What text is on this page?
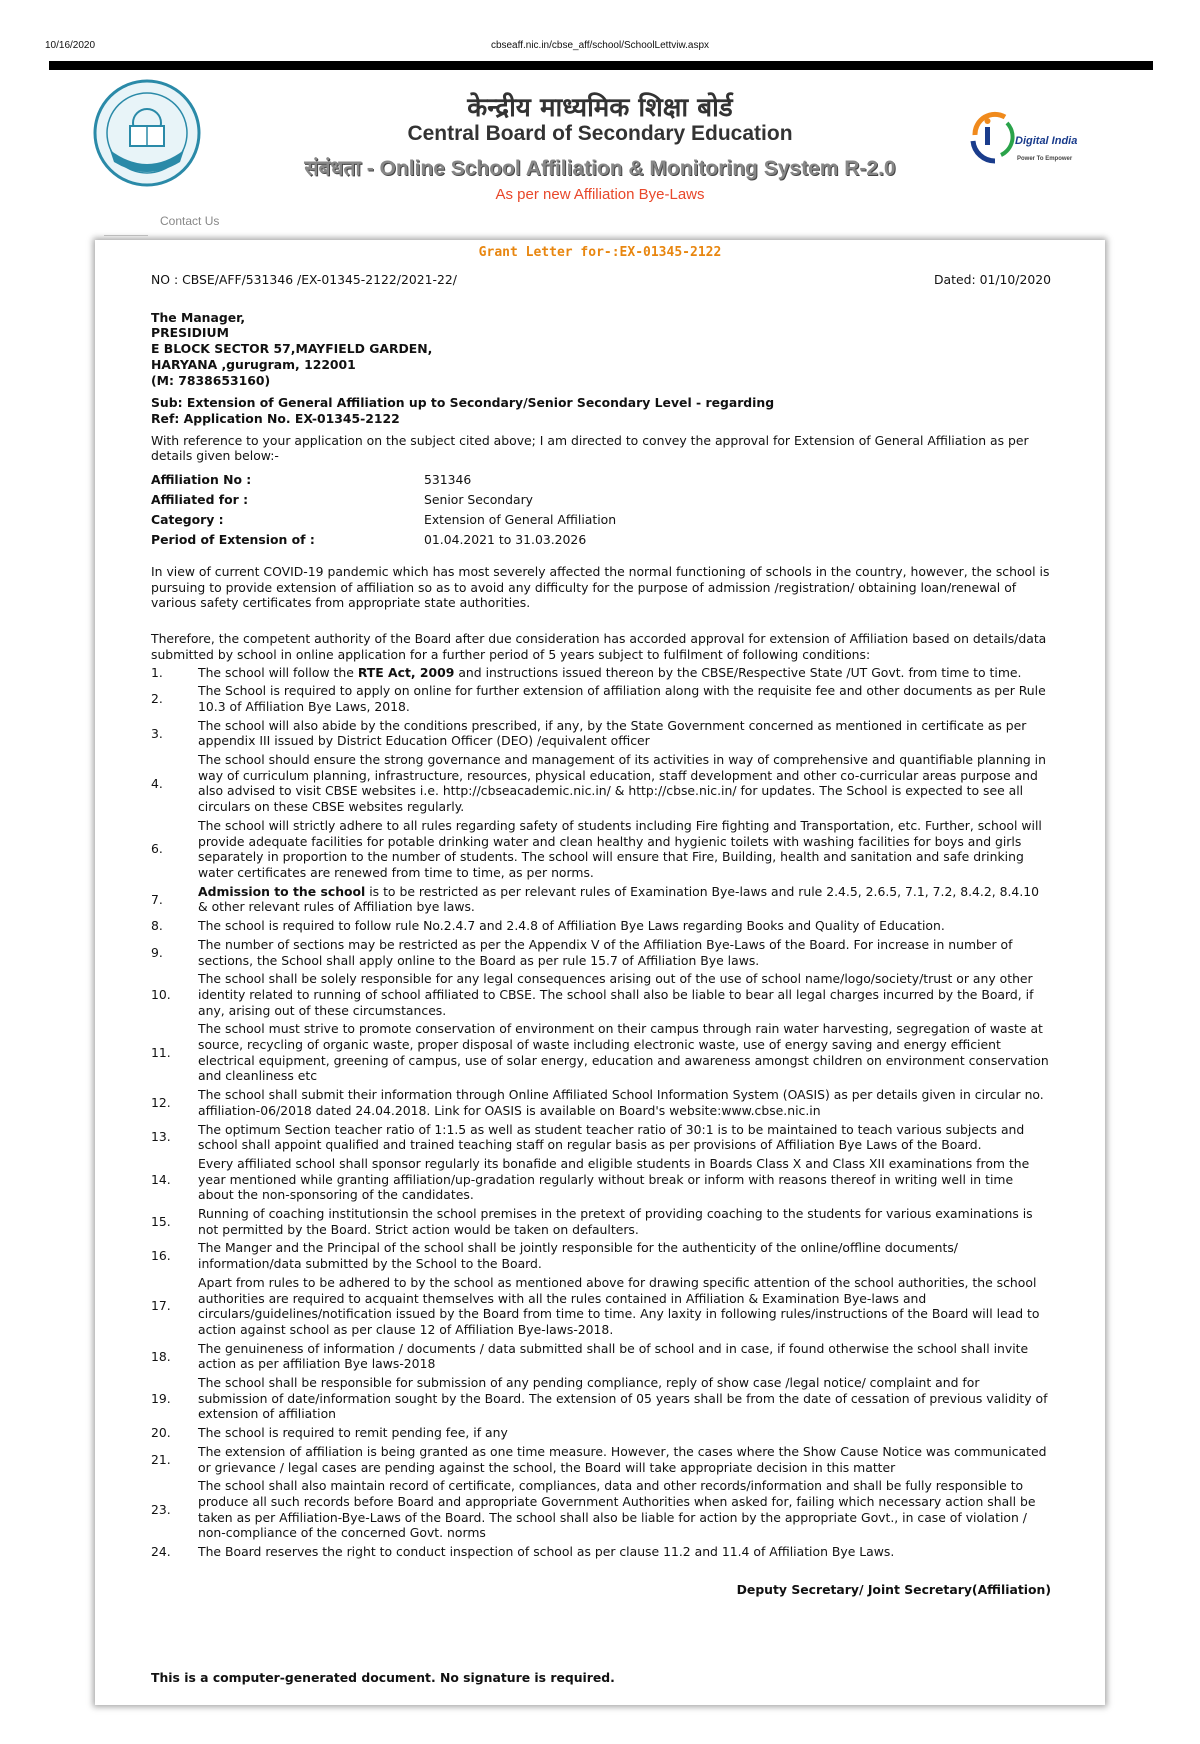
10/16/2020	cbseaff.nic.in/cbse_aff/school/SchoolLettviw.aspx
Digital India
Power To Empower
केन्द्रीय माध्यमिक शिक्षा बोर्ड
Central Board of Secondary Education
संबंधता - Online School Affiliation & Monitoring System R-2.0
As per new Affiliation Bye-Laws
Contact Us
Grant Letter for-:EX-01345-2122
NO : CBSE/AFF/531346 /EX-01345-2122/2021-22/	Dated: 01/10/2020
The Manager,
PRESIDIUM
E BLOCK SECTOR 57,MAYFIELD GARDEN,
HARYANA ,gurugram, 122001
(M: 7838653160)
Sub: Extension of General Affiliation up to Secondary/Senior Secondary Level - regarding
Ref: Application No. EX-01345-2122
With reference to your application on the subject cited above; I am directed to convey the approval for Extension of General Affiliation as per details given below:-
Affiliation No :	531346
Affiliated for :	Senior Secondary
Category :	Extension of General Affiliation
Period of Extension of :	01.04.2021 to 31.03.2026
In view of current COVID-19 pandemic which has most severely affected the normal functioning of schools in the country, however, the school is pursuing to provide extension of affiliation so as to avoid any difficulty for the purpose of admission /registration/ obtaining loan/renewal of various safety certificates from appropriate state authorities.
Therefore, the competent authority of the Board after due consideration has accorded approval for extension of Affiliation based on details/data submitted by school in online application for a further period of 5 years subject to fulfilment of following conditions:
1.	The school will follow the RTE Act, 2009 and instructions issued thereon by the CBSE/Respective State /UT Govt. from time to time.
2.
The School is required to apply on online for further extension of affiliation along with the requisite fee and other documents as per Rule 10.3 of Affiliation Bye Laws, 2018.
3.
The school will also abide by the conditions prescribed, if any, by the State Government concerned as mentioned in certificate as per appendix III issued by District Education Officer (DEO) /equivalent officer
4.
The school should ensure the strong governance and management of its activities in way of comprehensive and quantifiable planning in way of curriculum planning, infrastructure, resources, physical education, staff development and other co-curricular areas purpose and also advised to visit CBSE websites i.e. http://cbseacademic.nic.in/ & http://cbse.nic.in/ for updates. The School is expected to see all circulars on these CBSE websites regularly.
6.
The school will strictly adhere to all rules regarding safety of students including Fire fighting and Transportation, etc. Further, school will provide adequate facilities for potable drinking water and clean healthy and hygienic toilets with washing facilities for boys and girls separately in proportion to the number of students. The school will ensure that Fire, Building, health and sanitation and safe drinking water certificates are renewed from time to time, as per norms.
7.
Admission to the school is to be restricted as per relevant rules of Examination Bye-laws and rule 2.4.5, 2.6.5, 7.1, 7.2, 8.4.2, 8.4.10 & other relevant rules of Affiliation bye laws.
8.	The school is required to follow rule No.2.4.7 and 2.4.8 of Affiliation Bye Laws regarding Books and Quality of Education.
9.
The number of sections may be restricted as per the Appendix V of the Affiliation Bye-Laws of the Board. For increase in number of sections, the School shall apply online to the Board as per rule 15.7 of Affiliation Bye laws.
10.
The school shall be solely responsible for any legal consequences arising out of the use of school name/logo/society/trust or any other identity related to running of school affiliated to CBSE. The school shall also be liable to bear all legal charges incurred by the Board, if any, arising out of these circumstances.
11.
The school must strive to promote conservation of environment on their campus through rain water harvesting, segregation of waste at source, recycling of organic waste, proper disposal of waste including electronic waste, use of energy saving and energy efficient electrical equipment, greening of campus, use of solar energy, education and awareness amongst children on environment conservation and cleanliness etc
12.
The school shall submit their information through Online Affiliated School Information System (OASIS) as per details given in circular no. affiliation-06/2018 dated 24.04.2018. Link for OASIS is available on Board's website:www.cbse.nic.in
13.
The optimum Section teacher ratio of 1:1.5 as well as student teacher ratio of 30:1 is to be maintained to teach various subjects and school shall appoint qualified and trained teaching staff on regular basis as per provisions of Affiliation Bye Laws of the Board.
14.
Every affiliated school shall sponsor regularly its bonafide and eligible students in Boards Class X and Class XII examinations from the year mentioned while granting affiliation/up-gradation regularly without break or inform with reasons thereof in writing well in time about the non-sponsoring of the candidates.
15.
Running of coaching institutionsin the school premises in the pretext of providing coaching to the students for various examinations is not permitted by the Board. Strict action would be taken on defaulters.
16.
The Manger and the Principal of the school shall be jointly responsible for the authenticity of the online/offline documents/ information/data submitted by the School to the Board.
17.
Apart from rules to be adhered to by the school as mentioned above for drawing specific attention of the school authorities, the school authorities are required to acquaint themselves with all the rules contained in Affiliation & Examination Bye-laws and circulars/guidelines/notification issued by the Board from time to time. Any laxity in following rules/instructions of the Board will lead to action against school as per clause 12 of Affiliation Bye-laws-2018.
18.
The genuineness of information / documents / data submitted shall be of school and in case, if found otherwise the school shall invite action as per affiliation Bye laws-2018
19.
The school shall be responsible for submission of any pending compliance, reply of show case /legal notice/ complaint and for submission of date/information sought by the Board. The extension of 05 years shall be from the date of cessation of previous validity of extension of affiliation
20.	The school is required to remit pending fee, if any
21.
The extension of affiliation is being granted as one time measure. However, the cases where the Show Cause Notice was communicated or grievance / legal cases are pending against the school, the Board will take appropriate decision in this matter
23.
The school shall also maintain record of certificate, compliances, data and other records/information and shall be fully responsible to produce all such records before Board and appropriate Government Authorities when asked for, failing which necessary action shall be taken as per Affiliation-Bye-Laws of the Board. The school shall also be liable for action by the appropriate Govt., in case of violation / non-compliance of the concerned Govt. norms
24.	The Board reserves the right to conduct inspection of school as per clause 11.2 and 11.4 of Affiliation Bye Laws.
Deputy Secretary/ Joint Secretary(Affiliation)
This is a computer-generated document. No signature is required.
